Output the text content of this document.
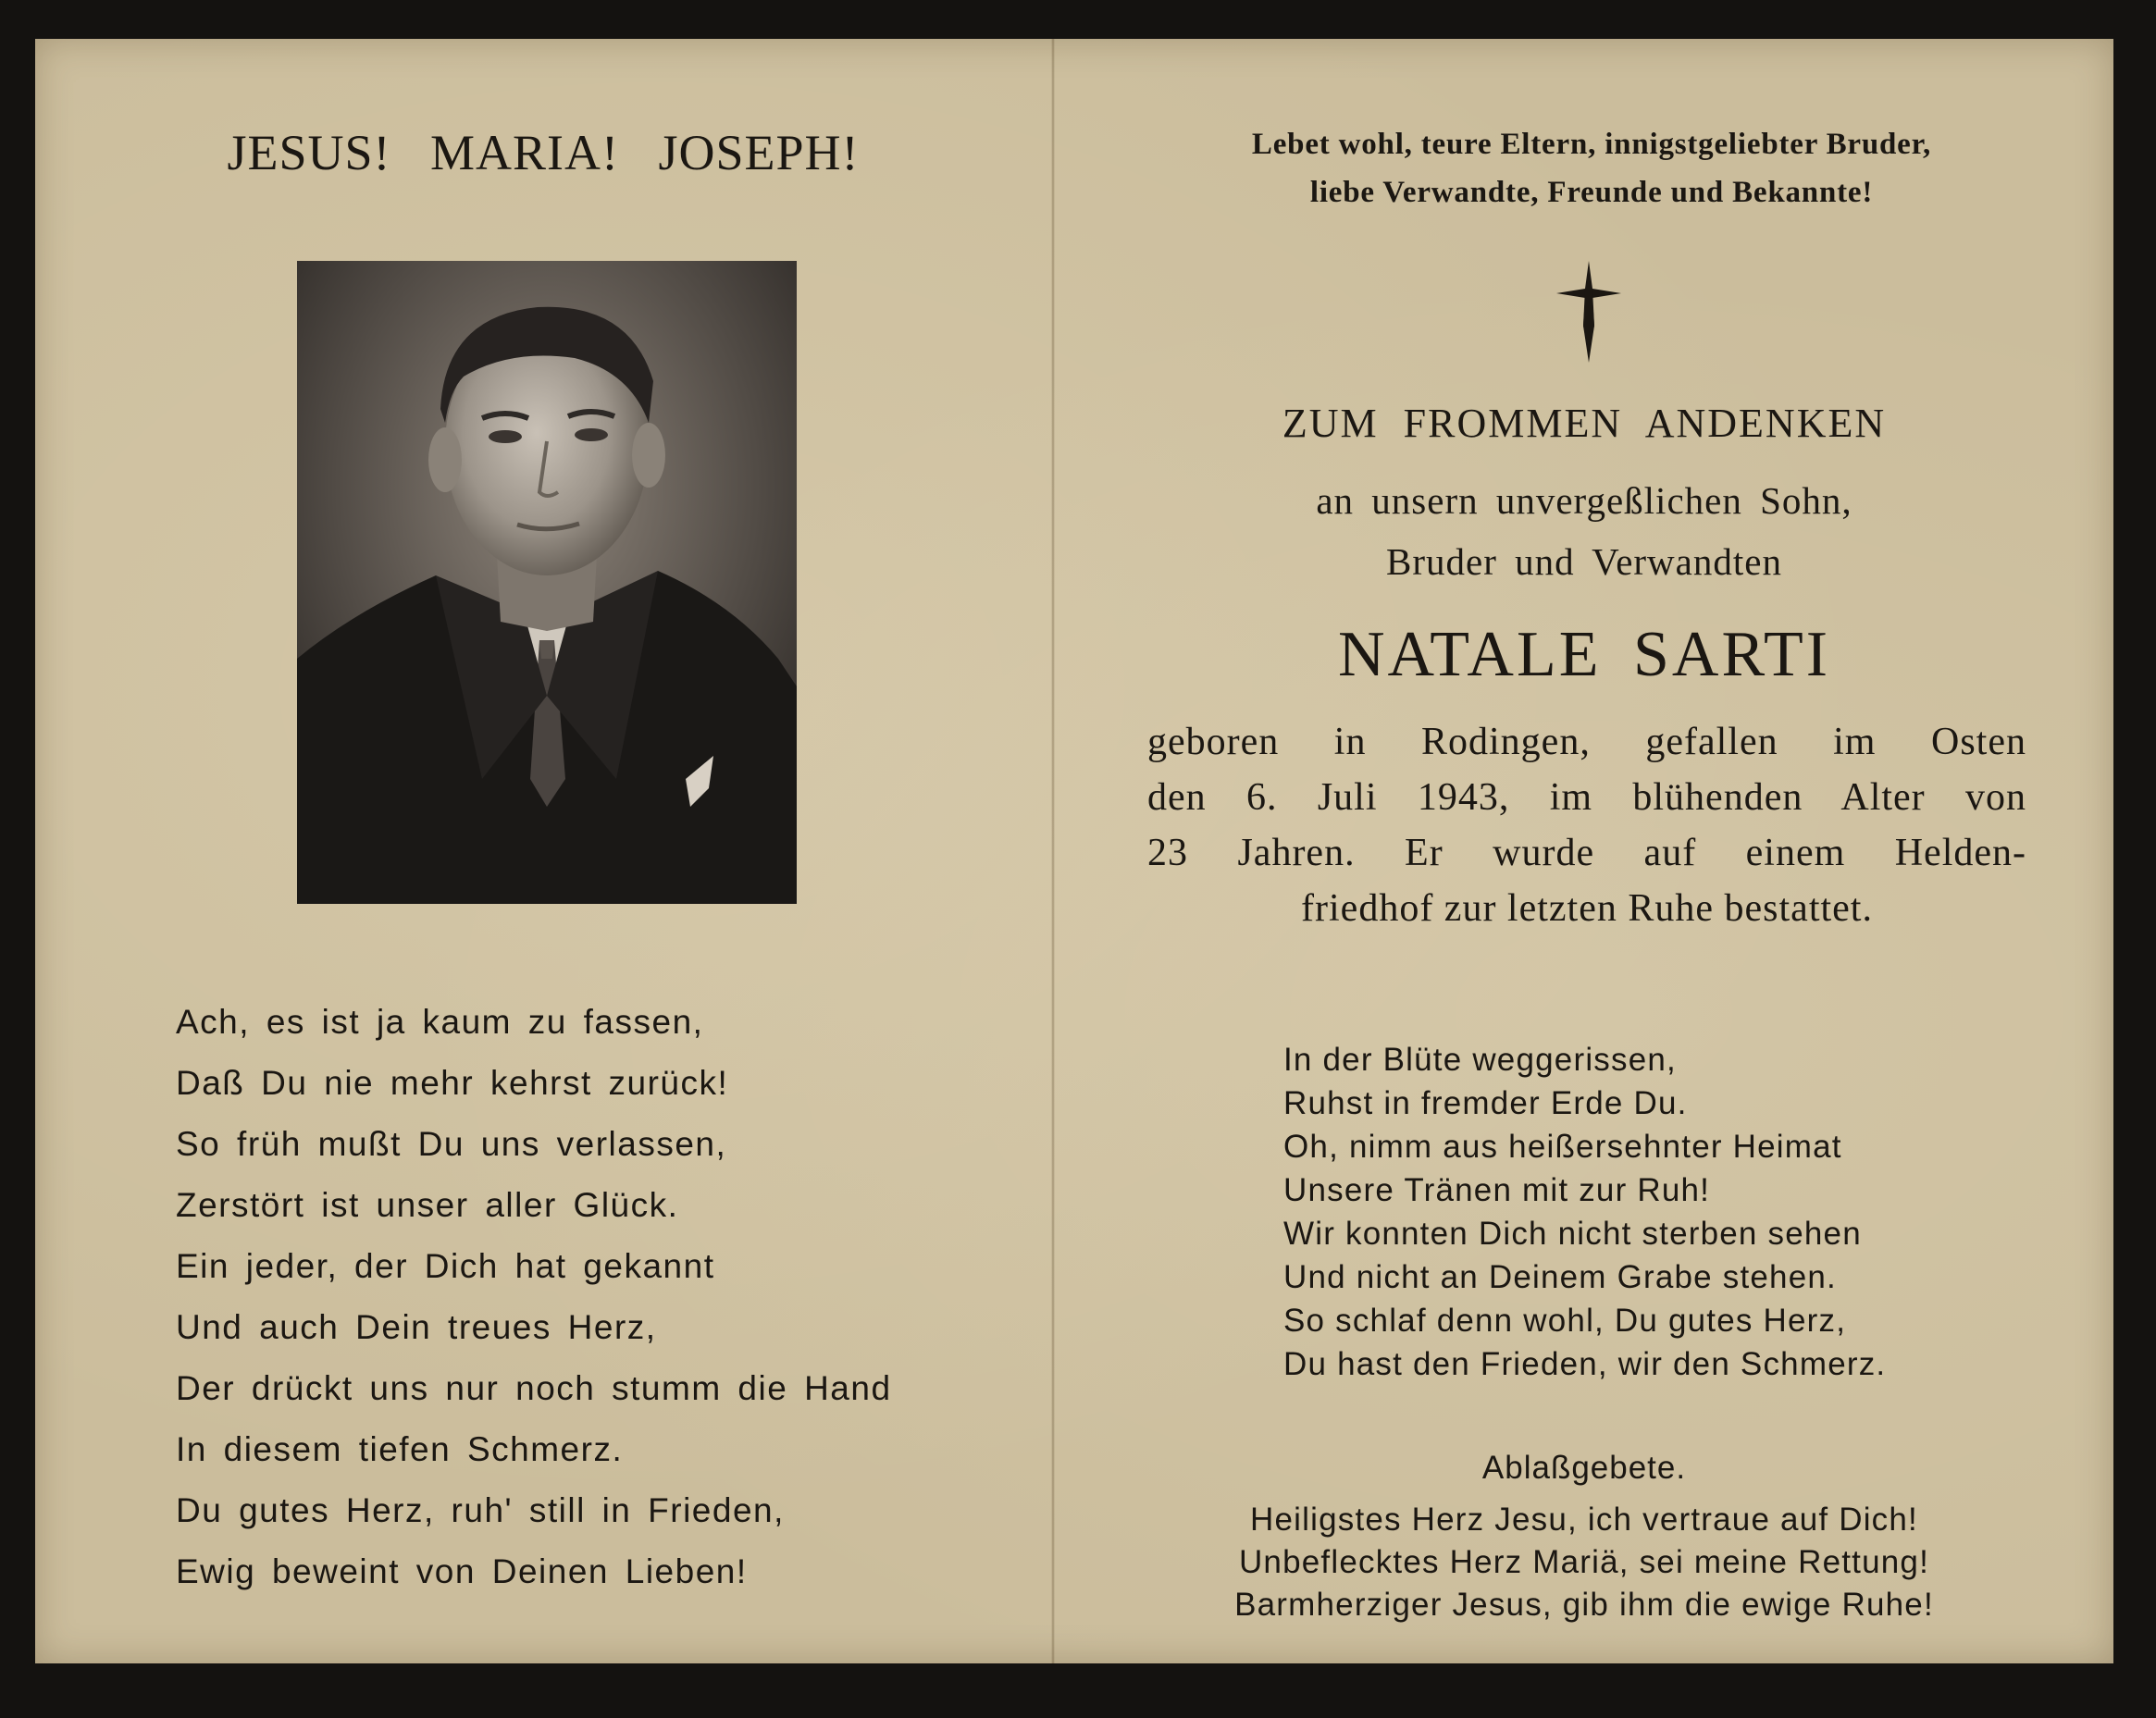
JESUS! MARIA! JOSEPH!
Ach, es ist ja kaum zu fassen,
Daß Du nie mehr kehrst zurück!
So früh mußt Du uns verlassen,
Zerstört ist unser aller Glück.
Ein jeder, der Dich hat gekannt
Und auch Dein treues Herz,
Der drückt uns nur noch stumm die Hand
In diesem tiefen Schmerz.
Du gutes Herz, ruh' still in Frieden,
Ewig beweint von Deinen Lieben!
Lebet wohl, teure Eltern, innigstgeliebter Bruder,
liebe Verwandte, Freunde und Bekannte!
ZUM FROMMEN ANDENKEN
an unsern unvergeßlichen Sohn,
Bruder und Verwandten
NATALE SARTI
geboren in Rodingen, gefallen im Osten
den 6. Juli 1943, im blühenden Alter von
23 Jahren. Er wurde auf einem Helden-
friedhof zur letzten Ruhe bestattet.
In der Blüte weggerissen,
Ruhst in fremder Erde Du.
Oh, nimm aus heißersehnter Heimat
Unsere Tränen mit zur Ruh!
Wir konnten Dich nicht sterben sehen
Und nicht an Deinem Grabe stehen.
So schlaf denn wohl, Du gutes Herz,
Du hast den Frieden, wir den Schmerz.
Ablaßgebete.
Heiligstes Herz Jesu, ich vertraue auf Dich!
Unbeflecktes Herz Mariä, sei meine Rettung!
Barmherziger Jesus, gib ihm die ewige Ruhe!
